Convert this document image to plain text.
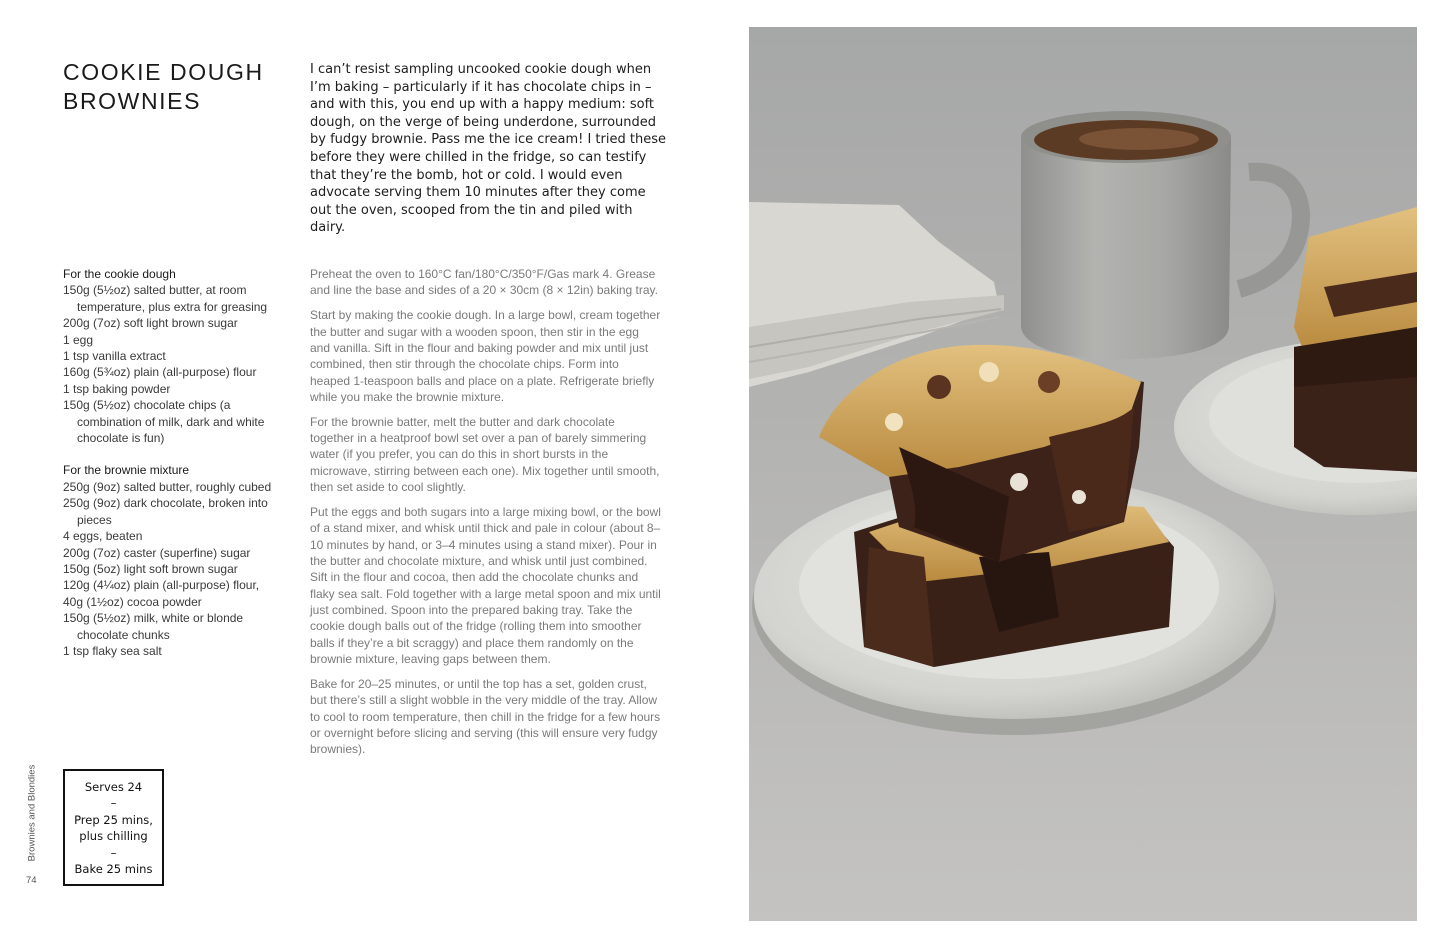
COOKIE DOUGH
BROWNIES

I can’t resist sampling uncooked cookie dough when I’m baking – particularly if it has chocolate chips in – and with this, you end up with a happy medium: soft dough, on the verge of being underdone, surrounded by fudgy brownie. Pass me the ice cream! I tried these before they were chilled in the fridge, so can testify that they’re the bomb, hot or cold. I would even advocate serving them 10 minutes after they come out the oven, scooped from the tin and piled with dairy.

For the cookie dough
150g (5½oz) salted butter, at room temperature, plus extra for greasing
200g (7oz) soft light brown sugar
1 egg
1 tsp vanilla extract
160g (5¾oz) plain (all-purpose) flour
1 tsp baking powder
150g (5½oz) chocolate chips (a combination of milk, dark and white chocolate is fun)
For the brownie mixture
250g (9oz) salted butter, roughly cubed
250g (9oz) dark chocolate, broken into pieces
4 eggs, beaten
200g (7oz) caster (superfine) sugar
150g (5oz) light soft brown sugar
120g (4¼oz) plain (all-purpose) flour,
40g (1½oz) cocoa powder
150g (5½oz) milk, white or blonde chocolate chunks
1 tsp flaky sea salt

Preheat the oven to 160°C fan/180°C/350°F/Gas mark 4. Grease and line the base and sides of a 20 × 30cm (8 × 12in) baking tray.

Start by making the cookie dough. In a large bowl, cream together the butter and sugar with a wooden spoon, then stir in the egg and vanilla. Sift in the flour and baking powder and mix until just combined, then stir through the chocolate chips. Form into heaped 1-teaspoon balls and place on a plate. Refrigerate briefly while you make the brownie mixture.

For the brownie batter, melt the butter and dark chocolate together in a heatproof bowl set over a pan of barely simmering water (if you prefer, you can do this in short bursts in the microwave, stirring between each one). Mix together until smooth, then set aside to cool slightly.

Put the eggs and both sugars into a large mixing bowl, or the bowl of a stand mixer, and whisk until thick and pale in colour (about 8–10 minutes by hand, or 3–4 minutes using a stand mixer). Pour in the butter and chocolate mixture, and whisk until just combined. Sift in the flour and cocoa, then add the chocolate chunks and flaky sea salt. Fold together with a large metal spoon and mix until just combined. Spoon into the prepared baking tray. Take the cookie dough balls out of the fridge (rolling them into smoother balls if they’re a bit scraggy) and place them randomly on the brownie mixture, leaving gaps between them.

Bake for 20–25 minutes, or until the top has a set, golden crust, but there’s still a slight wobble in the very middle of the tray. Allow to cool to room temperature, then chill in the fridge for a few hours or overnight before slicing and serving (this will ensure very fudgy brownies).

Serves 24
–
Prep 25 mins,
plus chilling
–
Bake 25 mins
Brownies and Blondies
74
